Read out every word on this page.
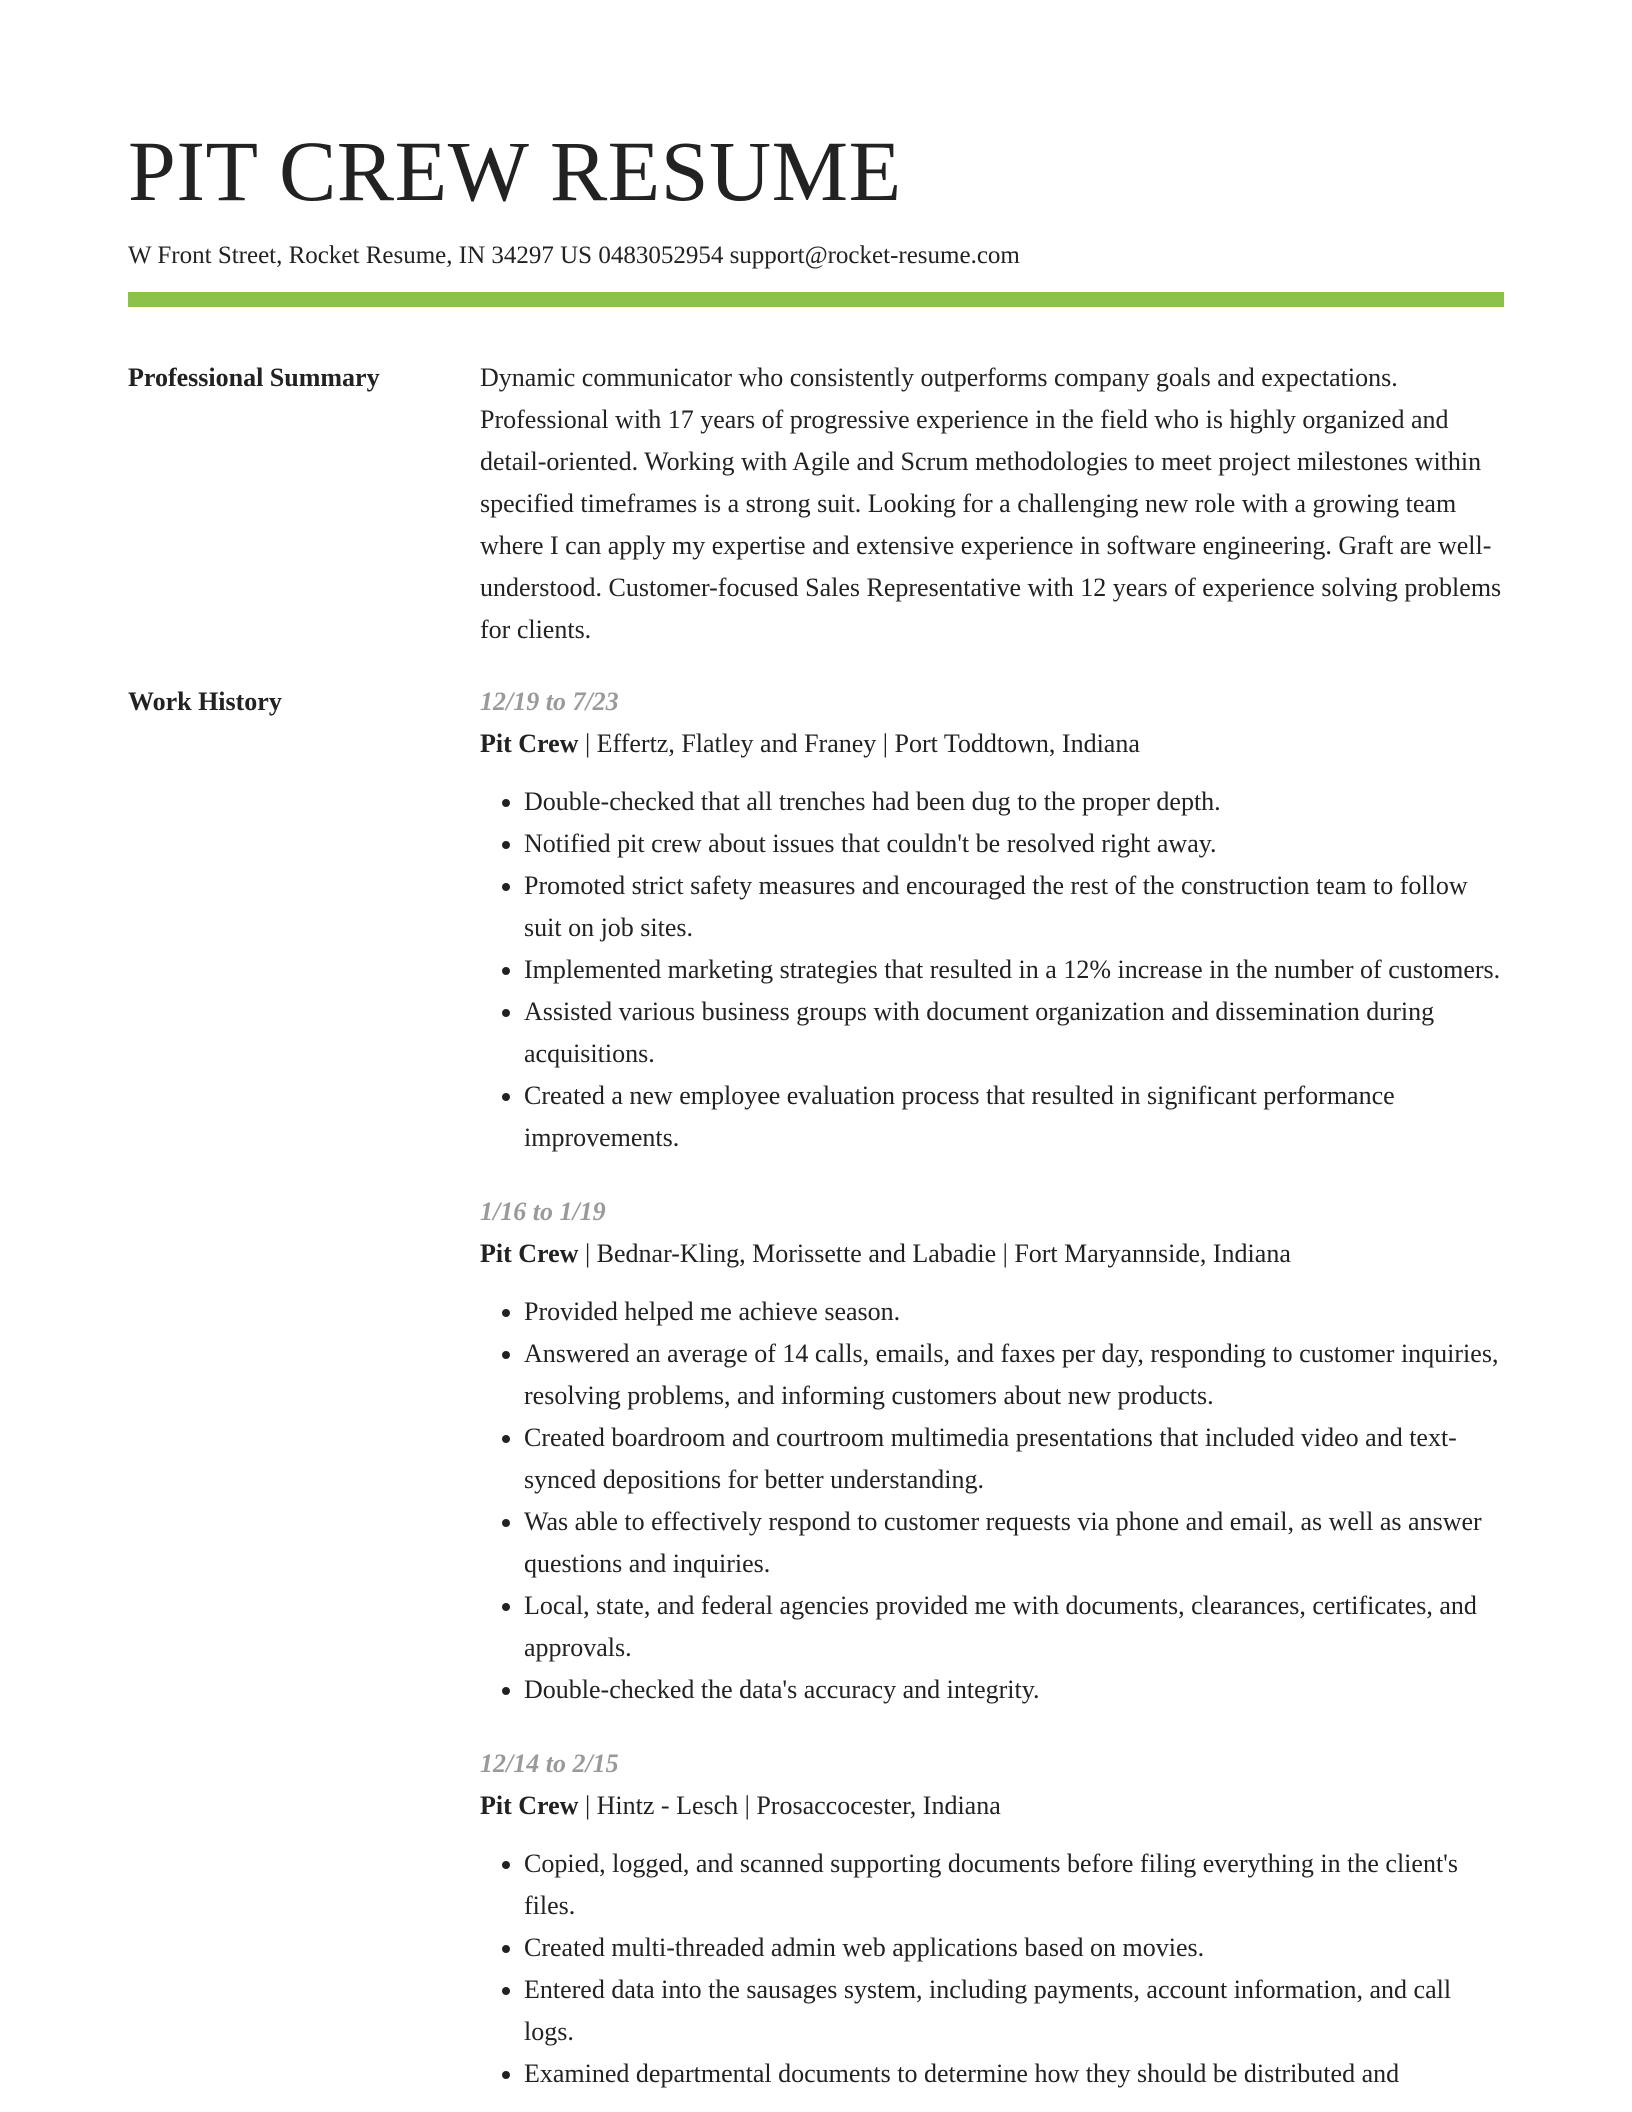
PIT CREW RESUME
W Front Street, Rocket Resume, IN 34297 US 0483052954 support@rocket-resume.com
Professional Summary	Dynamic communicator who consistently outperforms company goals and expectations. Professional with 17 years of progressive experience in the field who is highly organized and detail-oriented. Working with Agile and Scrum methodologies to meet project milestones within specified timeframes is a strong suit. Looking for a challenging new role with a growing team where I can apply my expertise and extensive experience in software engineering. Graft are well-understood. Customer-focused Sales Representative with 12 years of experience solving problems for clients.

Work History	12/19 to 7/23
Pit Crew | Effertz, Flatley and Franey | Port Toddtown, Indiana
• Double-checked that all trenches had been dug to the proper depth.
• Notified pit crew about issues that couldn't be resolved right away.
• Promoted strict safety measures and encouraged the rest of the construction team to follow suit on job sites.
• Implemented marketing strategies that resulted in a 12% increase in the number of customers.
• Assisted various business groups with document organization and dissemination during acquisitions.
• Created a new employee evaluation process that resulted in significant performance improvements.
1/16 to 1/19
Pit Crew | Bednar-Kling, Morissette and Labadie | Fort Maryannside, Indiana
• Provided helped me achieve season.
• Answered an average of 14 calls, emails, and faxes per day, responding to customer inquiries, resolving problems, and informing customers about new products.
• Created boardroom and courtroom multimedia presentations that included video and text-synced depositions for better understanding.
• Was able to effectively respond to customer requests via phone and email, as well as answer questions and inquiries.
• Local, state, and federal agencies provided me with documents, clearances, certificates, and approvals.
• Double-checked the data's accuracy and integrity.
12/14 to 2/15
Pit Crew | Hintz - Lesch | Prosaccocester, Indiana
• Copied, logged, and scanned supporting documents before filing everything in the client's files.
• Created multi-threaded admin web applications based on movies.
• Entered data into the sausages system, including payments, account information, and call logs.
• Examined departmental documents to determine how they should be distributed and
